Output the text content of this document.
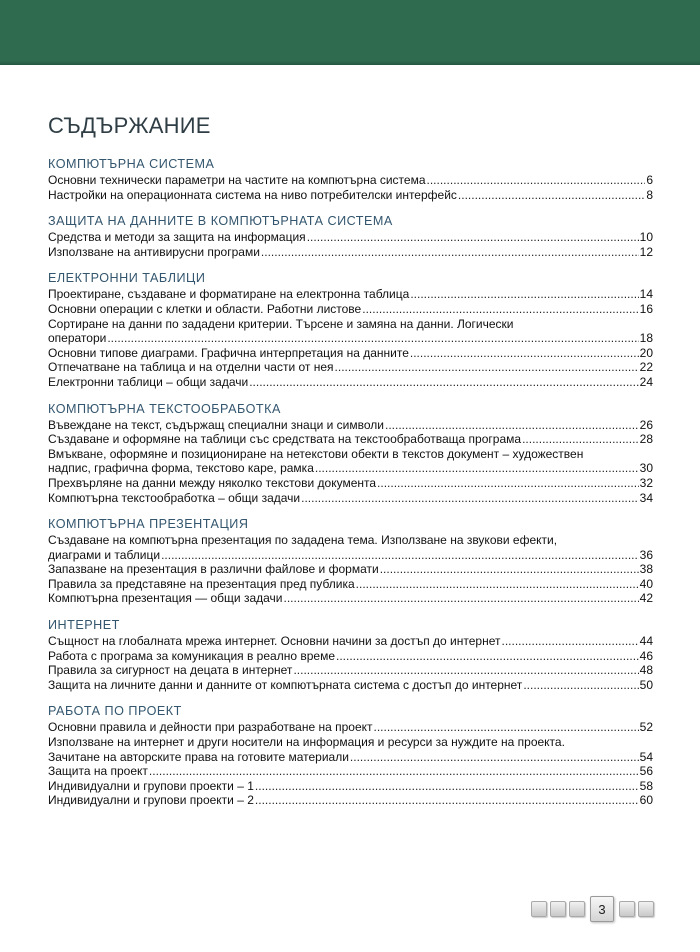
СЪДЪРЖАНИЕ
КОМПЮТЪРНА СИСТЕМА
Основни технически параметри на частите на компютърна система .....	6
Настройки на операционната система на ниво потребителски интерфейс .....	8
ЗАЩИТА НА ДАННИТЕ В КОМПЮТЪРНАТА СИСТЕМА
Средства и методи за защита на информация .....	10
Използване на антивирусни програми .....	12
ЕЛЕКТРОННИ ТАБЛИЦИ
Проектиране, създаване и форматиране на електронна таблица .....	14
Основни операции с клетки и области. Работни листове .....	16
Сортиране на данни по зададени критерии. Търсене и замяна на данни. Логически
оператори .....	18
Основни типове диаграми. Графична интерпретация на данните .....	20
Отпечатване на таблица и на отделни части от нея .....	22
Електронни таблици – общи задачи .....	24
КОМПЮТЪРНА ТЕКСТООБРАБОТКА
Въвеждане на текст, съдържащ специални знаци и символи .....	26
Създаване и оформяне на таблици със средствата на текстообработваща програма .....	28
Вмъкване, оформяне и позициониране на нетекстови обекти в текстов документ – художествен
надпис, графична форма, текстово каре, рамка .....	30
Прехвърляне на данни между няколко текстови документа .....	32
Компютърна текстообработка – общи задачи .....	34
КОМПЮТЪРНА ПРЕЗЕНТАЦИЯ
Създаване на компютърна презентация по зададена тема. Използване на звукови ефекти,
диаграми и таблици .....	36
Запазване на презентация в различни файлове и формати .....	38
Правила за представяне на презентация пред публика .....	40
Компютърна презентация — общи задачи .....	42
ИНТЕРНЕТ
Същност на глобалната мрежа интернет. Основни начини за достъп до интернет .....	44
Работа с програма за комуникация в реално време .....	46
Правила за сигурност на децата в интернет .....	48
Защита на личните данни и данните от компютърната система с достъп до интернет .....	50
РАБОТА ПО ПРОЕКТ
Основни правила и дейности при разработване на проект .....	52
Използване на интернет и други носители на информация и ресурси за нуждите на проекта.
Зачитане на авторските права на готовите материали .....	54
Защита на проект .....	56
Индивидуални и групови проекти – 1 .....	58
Индивидуални и групови проекти – 2 .....	60
3
